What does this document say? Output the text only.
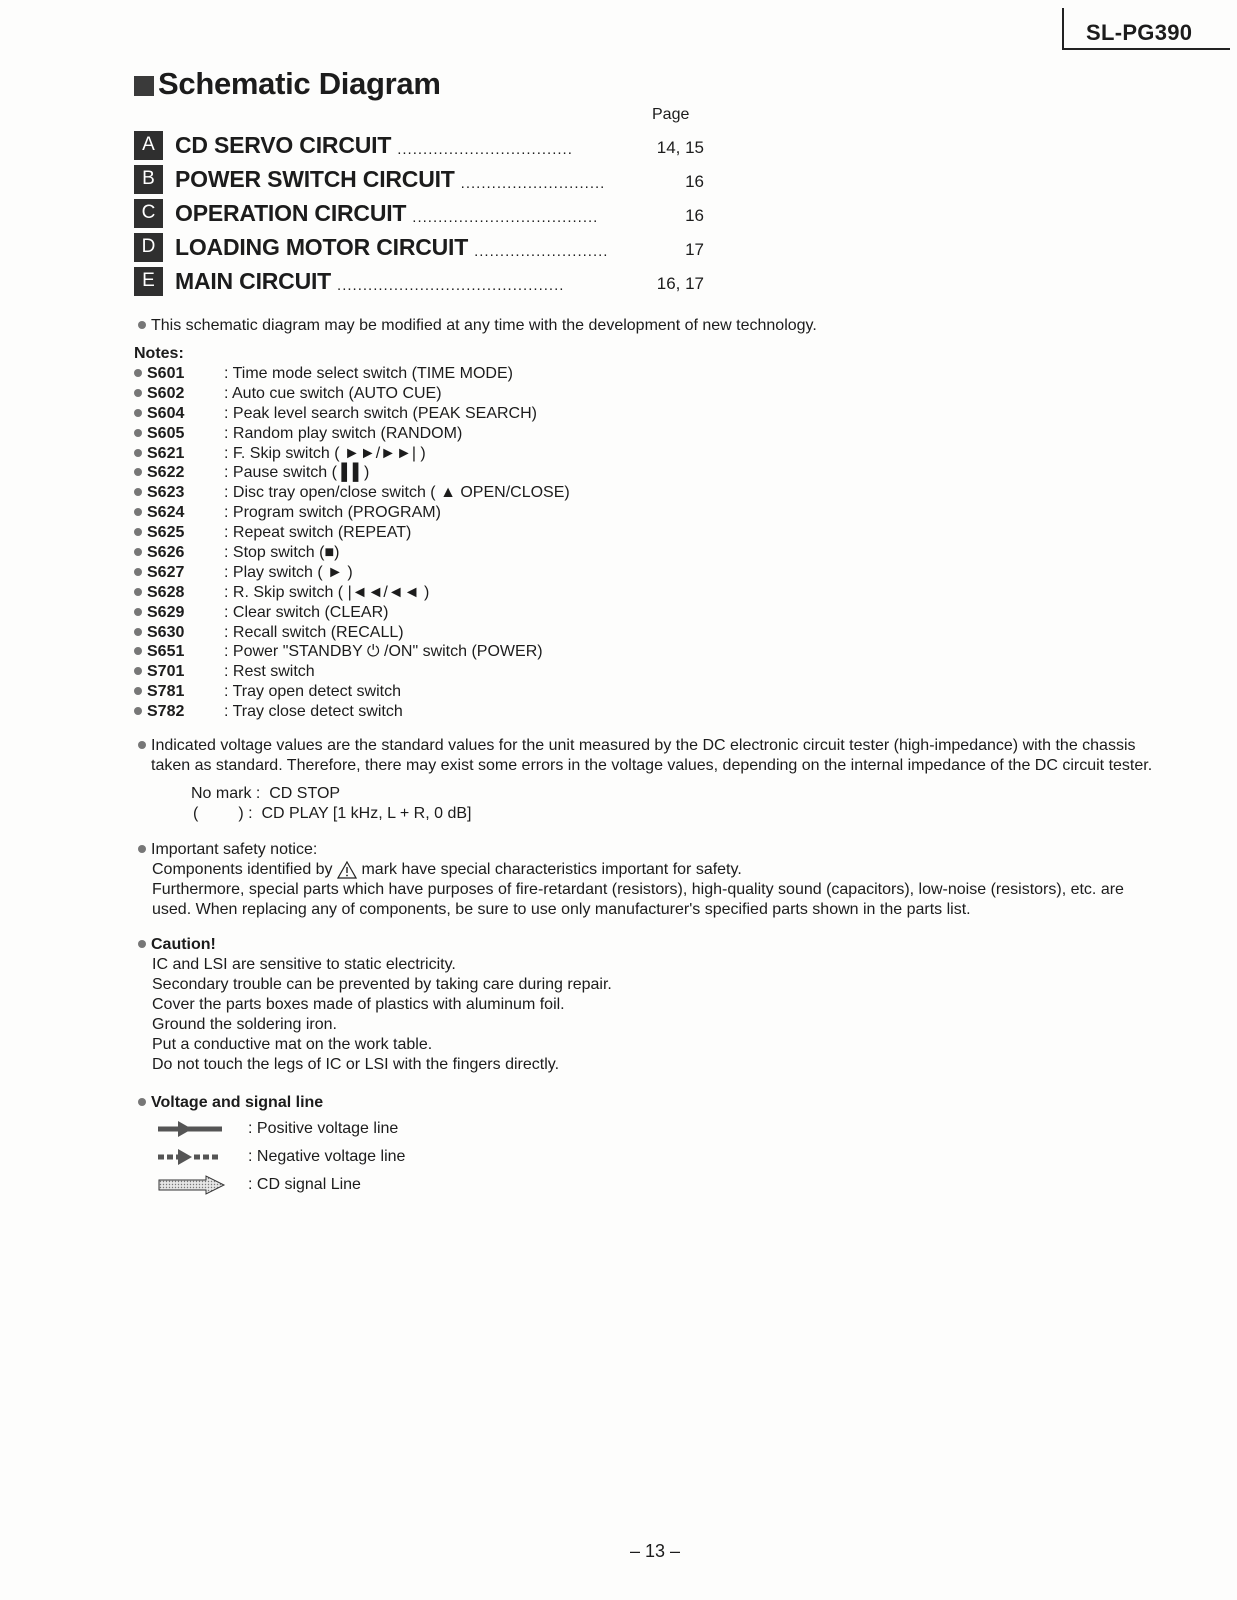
SL-PG390
Schematic Diagram
Page
A CD SERVO CIRCUIT ..................................	14, 15
B POWER SWITCH CIRCUIT ............................	16
C OPERATION CIRCUIT ....................................	16
D LOADING MOTOR CIRCUIT ..........................	17
E MAIN CIRCUIT ............................................	16, 17
This schematic diagram may be modified at any time with the development of new technology.
Notes:
S601	: Time mode select switch (TIME MODE)
S602	: Auto cue switch (AUTO CUE)
S604	: Peak level search switch (PEAK SEARCH)
S605	: Random play switch (RANDOM)
S621	: F. Skip switch ( ►►/►►| )
S622	: Pause switch ( ▌▌)
S623	: Disc tray open/close switch ( ▲ OPEN/CLOSE)
S624	: Program switch (PROGRAM)
S625	: Repeat switch (REPEAT)
S626	: Stop switch (■)
S627	: Play switch ( ► )
S628	: R. Skip switch ( |◄◄/◄◄ )
S629	: Clear switch (CLEAR)
S630	: Recall switch (RECALL)
S651	: Power "STANDBY ⏻ /ON" switch (POWER)
S701	: Rest switch
S781	: Tray open detect switch
S782	: Tray close detect switch
Indicated voltage values are the standard values for the unit measured by the DC electronic circuit tester (high-impedance) with the chassis
taken as standard. Therefore, there may exist some errors in the voltage values, depending on the internal impedance of the DC circuit tester.
No mark :  CD STOP
(         ) :  CD PLAY [1 kHz, L + R, 0 dB]
Important safety notice:
Components identified by mark have special characteristics important for safety.
Furthermore, special parts which have purposes of fire-retardant (resistors), high-quality sound (capacitors), low-noise (resistors), etc. are
used. When replacing any of components, be sure to use only manufacturer's specified parts shown in the parts list.
Caution!
IC and LSI are sensitive to static electricity.
Secondary trouble can be prevented by taking care during repair.
Cover the parts boxes made of plastics with aluminum foil.
Ground the soldering iron.
Put a conductive mat on the work table.
Do not touch the legs of IC or LSI with the fingers directly.
Voltage and signal line
: Positive voltage line
: Negative voltage line
: CD signal Line
– 13 –
